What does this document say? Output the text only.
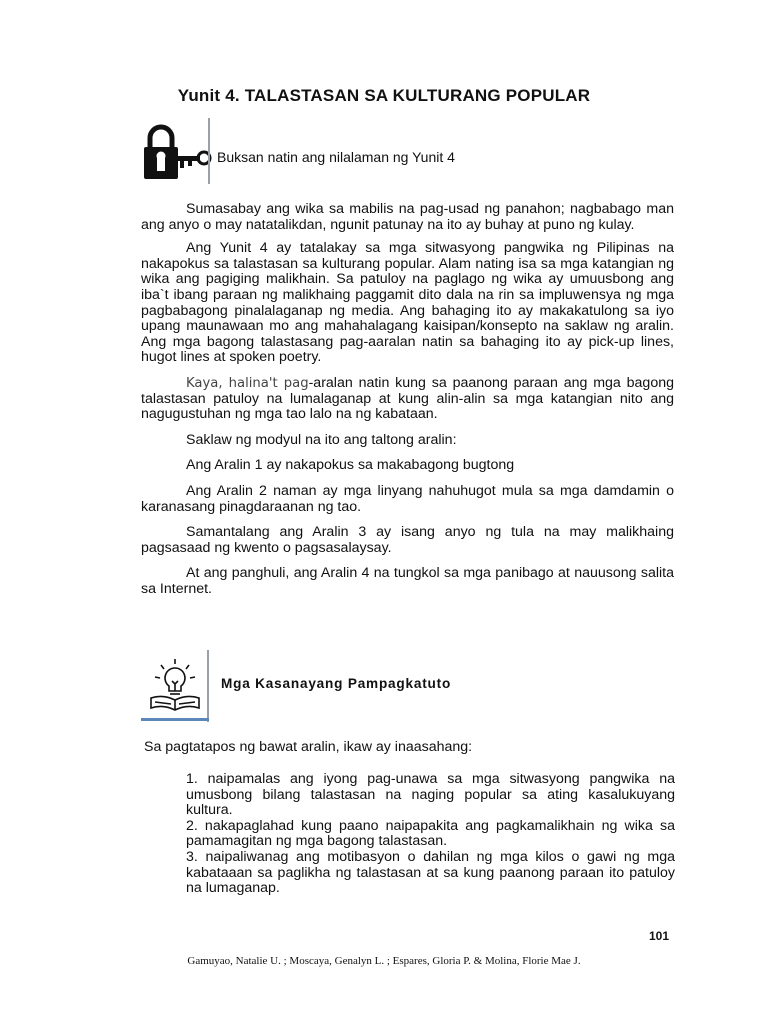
Yunit 4. TALASTASAN SA KULTURANG POPULAR
Buksan natin ang nilalaman ng Yunit 4

Sumasabay ang wika sa mabilis na pag-usad ng panahon; nagbabago man ang anyo o may natatalikdan, ngunit patunay na ito ay buhay at puno ng kulay.

Ang Yunit 4 ay tatalakay sa mga sitwasyong pangwika ng Pilipinas na nakapokus sa talastasan sa kulturang popular. Alam nating isa sa mga katangian ng wika ang pagiging malikhain. Sa patuloy na paglago ng wika ay umuusbong ang iba`t ibang paraan ng malikhaing paggamit dito dala na rin sa impluwensya ng mga pagbabagong pinalalaganap ng media. Ang bahaging ito ay makakatulong sa iyo upang maunawaan mo ang mahahalagang kaisipan/konsepto na saklaw ng aralin. Ang mga bagong talastasang pag-aaralan natin sa bahaging ito ay pick-up lines, hugot lines at spoken poetry.

Kaya, halina't pag-aralan natin kung sa paanong paraan ang mga bagong talastasan patuloy na lumalaganap at kung alin-alin sa mga katangian nito ang nagugustuhan ng mga tao lalo na ng kabataan.

Saklaw ng modyul na ito ang taltong aralin:

Ang Aralin 1 ay nakapokus sa makabagong bugtong

Ang Aralin 2 naman ay mga linyang nahuhugot mula sa mga damdamin o karanasang pinagdaraanan ng tao.

Samantalang ang Aralin 3 ay isang anyo ng tula na may malikhaing pagsasaad ng kwento o pagsasalaysay.

At ang panghuli, ang Aralin 4 na tungkol sa mga panibago at nauusong salita sa Internet.

Mga Kasanayang Pampagkatuto
Sa pagtatapos ng bawat aralin, ikaw ay inaasahang:
1. naipamalas ang iyong pag-unawa sa mga sitwasyong pangwika na umusbong bilang talastasan na naging popular sa ating kasalukuyang kultura.
2. nakapaglahad kung paano naipapakita ang pagkamalikhain ng wika sa pamamagitan ng mga bagong talastasan.
3. naipaliwanag ang motibasyon o dahilan ng mga kilos o gawi ng mga kabataaan sa paglikha ng talastasan at sa kung paanong paraan ito patuloy na lumaganap.
101
Gamuyao, Natalie U. ; Moscaya, Genalyn L. ; Espares, Gloria P. & Molina, Florie Mae J.
